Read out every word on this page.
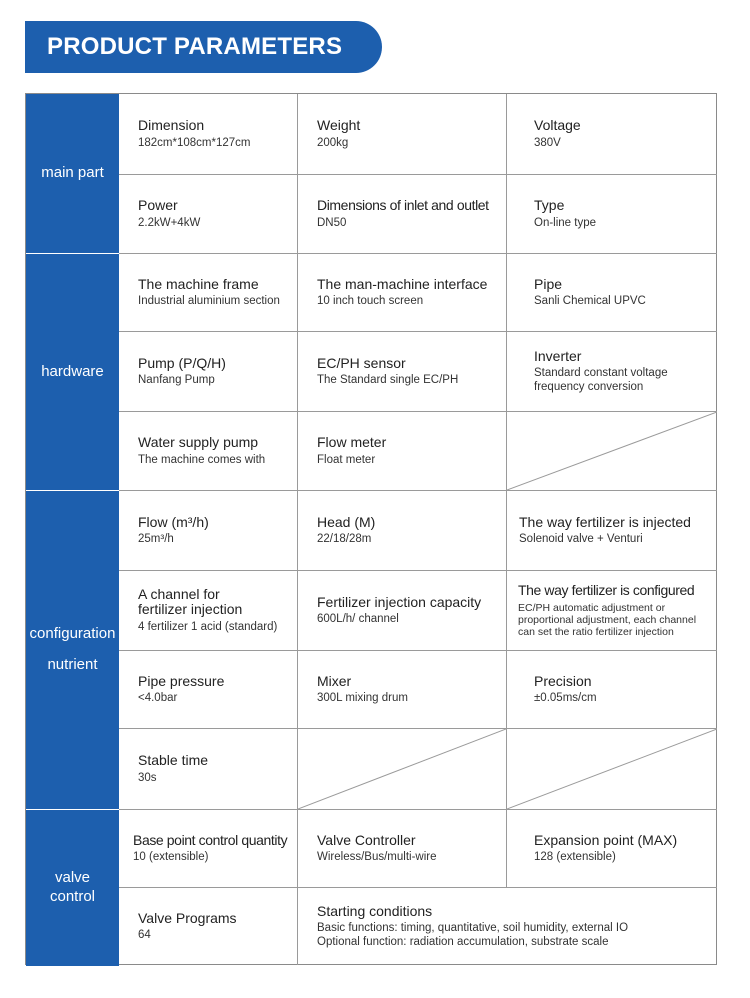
PRODUCT PARAMETERS
main part
hardware
configuration
nutrient
valve
control
Dimension
182cm*108cm*127cm
Weight
200kg
Voltage
380V
Power
2.2kW+4kW
Dimensions of inlet and outlet
DN50
Type
On-line type
The machine frame
Industrial aluminium section
The man-machine interface
10 inch touch screen
Pipe
Sanli Chemical UPVC
Pump (P/Q/H)
Nanfang Pump
EC/PH sensor
The Standard single EC/PH
Inverter
Standard constant voltage frequency conversion
Water supply pump
The machine comes with
Flow meter
Float meter
Flow (m³/h)
25m³/h
Head (M)
22/18/28m
The way fertilizer is injected
Solenoid valve + Venturi
A channel for fertilizer injection
4 fertilizer 1 acid (standard)
Fertilizer injection capacity
600L/h/ channel
The way fertilizer is configured
EC/PH automatic adjustment or proportional adjustment, each channel can set the ratio fertilizer injection
Pipe pressure
<4.0bar
Mixer
300L mixing drum
Precision
±0.05ms/cm
Stable time
30s
Base point control quantity
10 (extensible)
Valve Controller
Wireless/Bus/multi-wire
Expansion point (MAX)
128 (extensible)
Valve Programs
64
Starting conditions
Basic functions: timing, quantitative, soil humidity, external IO
Optional function: radiation accumulation, substrate scale
